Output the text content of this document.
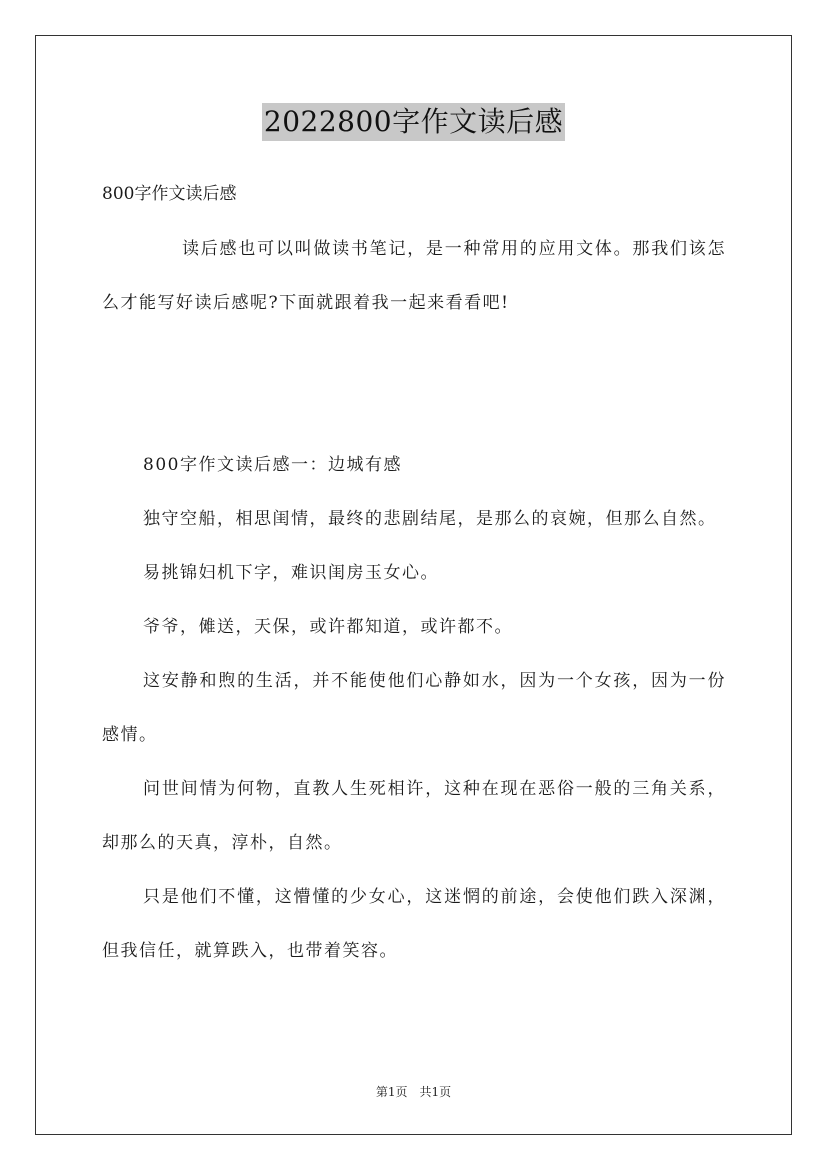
2022800字作文读后感

800字作文读后感

读后感也可以叫做读书笔记，是一种常用的应用文体。那我们该怎么才能写好读后感呢?下面就跟着我一起来看看吧!

800字作文读后感一：边城有感

独守空船，相思闺情，最终的悲剧结尾，是那么的哀婉，但那么自然。

易挑锦妇机下字，难识闺房玉女心。

爷爷，傩送，天保，或许都知道，或许都不。

这安静和煦的生活，并不能使他们心静如水，因为一个女孩，因为一份感情。

问世间情为何物，直教人生死相许，这种在现在恶俗一般的三角关系，却那么的天真，淳朴，自然。

只是他们不懂，这懵懂的少女心，这迷惘的前途，会使他们跌入深渊，但我信任，就算跌入，也带着笑容。

第1页 共1页
